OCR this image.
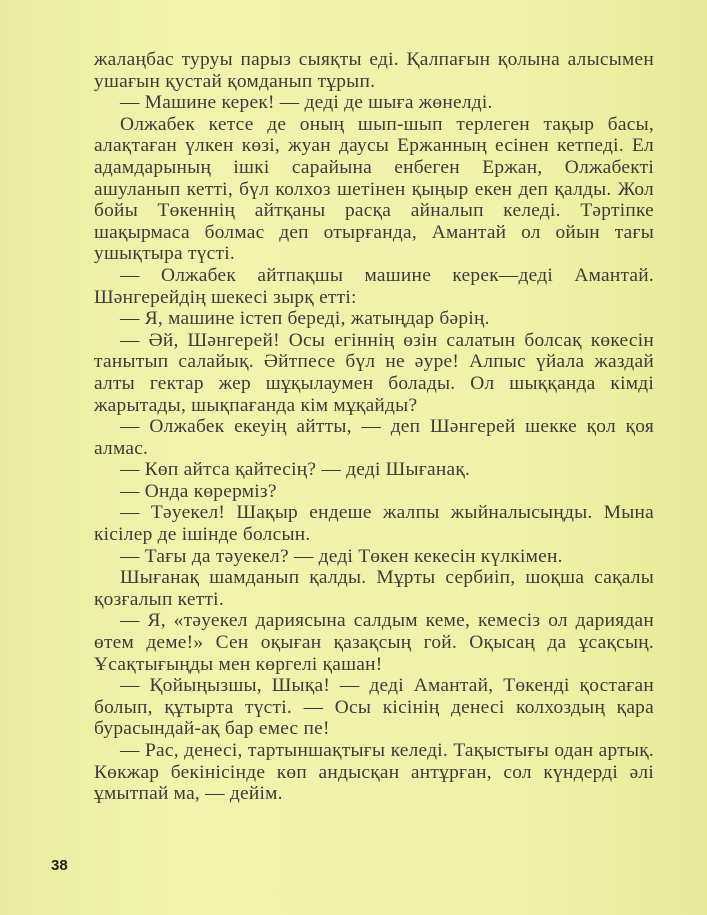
жалаңбас туруы парыз сыяқты еді. Қалпағын қолына алысымен ушағын қустай қомданып тұрып.

— Машине керек! — деді де шыға жөнелді.

Олжабек кетсе де оның шып-шып терлеген тақыр басы, алақтаған үлкен көзі, жуан даусы Ержанның есінен кетпеді. Ел адамдарының ішкі сарайына енбеген Ержан, Олжабекті ашуланып кетті, бүл колхоз шетінен қыңыр екен деп қалды. Жол бойы Төкеннің айтқаны расқа айналып келеді. Тәртіпке шақырмаса болмас деп отырғанда, Амантай ол ойын тағы ушықтыра түсті.

— Олжабек айтпақшы машине керек—деді Амантай. Шәнгерейдің шекесі зырқ етті:

— Я, машине істеп береді, жатыңдар бәрің.

— Әй, Шәнгерей! Осы егіннің өзін салатын болсақ көкесін танытып салайық. Әйтпесе бүл не әуре! Алпыс үйала жаздай алты гектар жер шұқылаумен болады. Ол шыққанда кімді жарытады, шықпағанда кім мұқайды?

— Олжабек екеуің айтты, — деп Шәнгерей шекке қол қоя алмас.

— Көп айтса қайтесің? — деді Шығанақ.

— Онда көрерміз?

— Тәуекел! Шақыр ендеше жалпы жыйналысыңды. Мына кісілер де ішінде болсын.

— Тағы да тәуекел? — деді Төкен кекесін күлкімен.

Шығанақ шамданып қалды. Мұрты сербиіп, шоқша сақалы қозғалып кетті.

— Я, «тәуекел дариясына салдым кеме, кемесіз ол дариядан өтем деме!» Сен оқыған қазақсың гой. Оқысаң да ұсақсың. Ұсақтығыңды мен көргелі қашан!

— Қойыңызшы, Шықа! — деді Амантай, Төкенді қостаған болып, құтырта түсті. — Осы кісінің денесі колхоздың қара бурасындай-ақ бар емес пе!

— Рас, денесі, тартыншақтығы келеді. Тақыстығы одан артық. Көкжар бекінісінде көп андысқан антұрған, сол күндерді әлі ұмытпай ма, — дейім.

38
